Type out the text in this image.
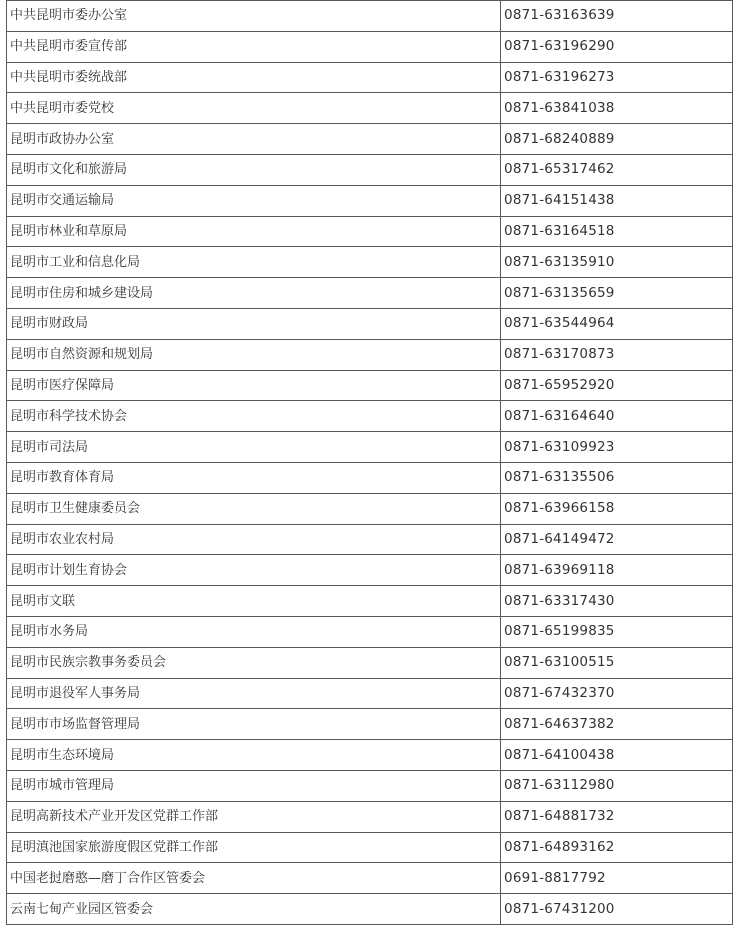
中共昆明市委办公室	0871-63163639
中共昆明市委宣传部	0871-63196290
中共昆明市委统战部	0871-63196273
中共昆明市委党校	0871-63841038
昆明市政协办公室	0871-68240889
昆明市文化和旅游局	0871-65317462
昆明市交通运输局	0871-64151438
昆明市林业和草原局	0871-63164518
昆明市工业和信息化局	0871-63135910
昆明市住房和城乡建设局	0871-63135659
昆明市财政局	0871-63544964
昆明市自然资源和规划局	0871-63170873
昆明市医疗保障局	0871-65952920
昆明市科学技术协会	0871-63164640
昆明市司法局	0871-63109923
昆明市教育体育局	0871-63135506
昆明市卫生健康委员会	0871-63966158
昆明市农业农村局	0871-64149472
昆明市计划生育协会	0871-63969118
昆明市文联	0871-63317430
昆明市水务局	0871-65199835
昆明市民族宗教事务委员会	0871-63100515
昆明市退役军人事务局	0871-67432370
昆明市市场监督管理局	0871-64637382
昆明市生态环境局	0871-64100438
昆明市城市管理局	0871-63112980
昆明高新技术产业开发区党群工作部	0871-64881732
昆明滇池国家旅游度假区党群工作部	0871-64893162
中国老挝磨憨—磨丁合作区管委会	0691-8817792
云南七甸产业园区管委会	0871-67431200
